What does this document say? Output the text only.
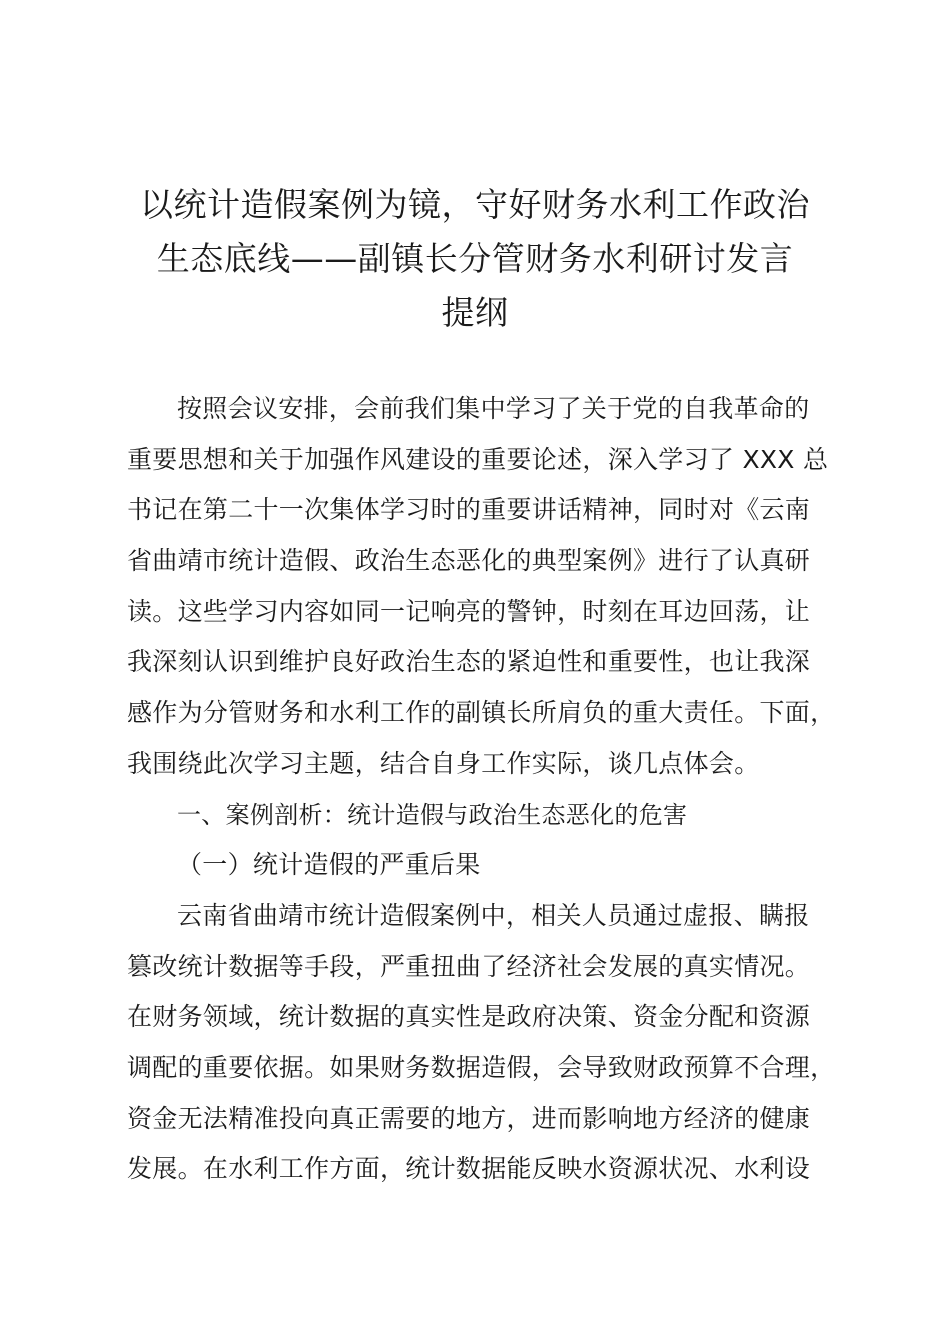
以统计造假案例为镜，守好财务水利工作政治
生态底线——副镇长分管财务水利研讨发言
提纲
按照会议安排，会前我们集中学习了关于党的自我革命的
重要思想和关于加强作风建设的重要论述，深入学习了 XXX 总
书记在第二十一次集体学习时的重要讲话精神，同时对《云南
省曲靖市统计造假、政治生态恶化的典型案例》进行了认真研
读。这些学习内容如同一记响亮的警钟，时刻在耳边回荡，让
我深刻认识到维护良好政治生态的紧迫性和重要性，也让我深
感作为分管财务和水利工作的副镇长所肩负的重大责任。下面，
我围绕此次学习主题，结合自身工作实际，谈几点体会。
一、案例剖析：统计造假与政治生态恶化的危害
（一）统计造假的严重后果
云南省曲靖市统计造假案例中，相关人员通过虚报、瞒报
篡改统计数据等手段，严重扭曲了经济社会发展的真实情况。
在财务领域，统计数据的真实性是政府决策、资金分配和资源
调配的重要依据。如果财务数据造假，会导致财政预算不合理，
资金无法精准投向真正需要的地方，进而影响地方经济的健康
发展。在水利工作方面，统计数据能反映水资源状况、水利设
